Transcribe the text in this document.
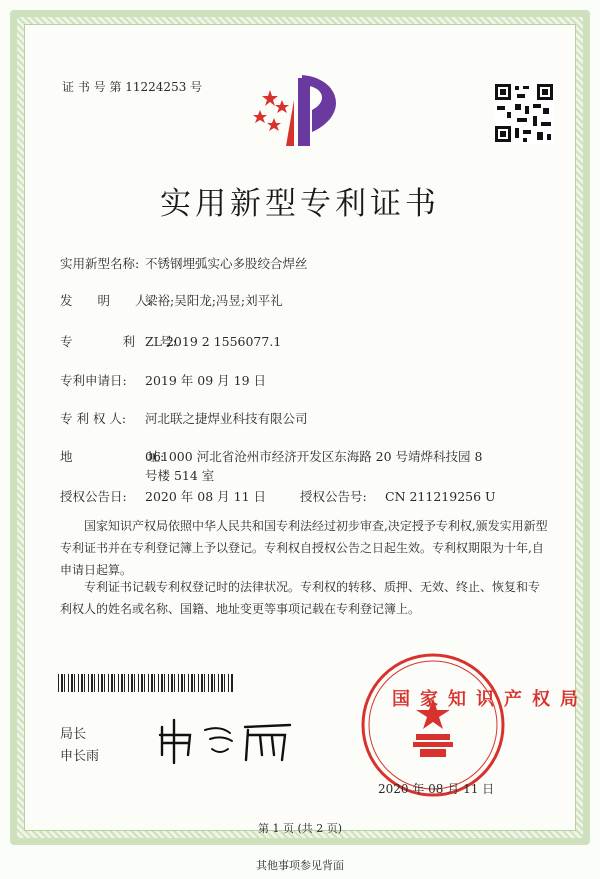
证 书 号 第 11224253 号
实用新型专利证书
实用新型名称: 不锈钢埋弧实心多股绞合焊丝
发　　明　　人:
梁裕;吴阳龙;冯昱;刘平礼
专　　　　利　　号:
ZL 2019 2 1556077.1
专利申请日: 2019 年 09 月 19 日
专 利 权 人: 河北联之捷焊业科技有限公司
地　　　　　　址:
061000 河北省沧州市经济开发区东海路 20 号靖烨科技园 8
号楼 514 室
授权公告日: 2020 年 08 月 11 日	授权公告号: CN 211219256 U
国家知识产权局依照中华人民共和国专利法经过初步审查,决定授予专利权,颁发实用新型专利证书并在专利登记簿上予以登记。专利权自授权公告之日起生效。专利权期限为十年,自申请日起算。
专利证书记载专利权登记时的法律状况。专利权的转移、质押、无效、终止、恢复和专利权人的姓名或名称、国籍、地址变更等事项记载在专利登记簿上。
局长
申长雨
国家知识产权局
2020 年 08 月 11 日
第 1 页 (共 2 页)
其他事项参见背面
